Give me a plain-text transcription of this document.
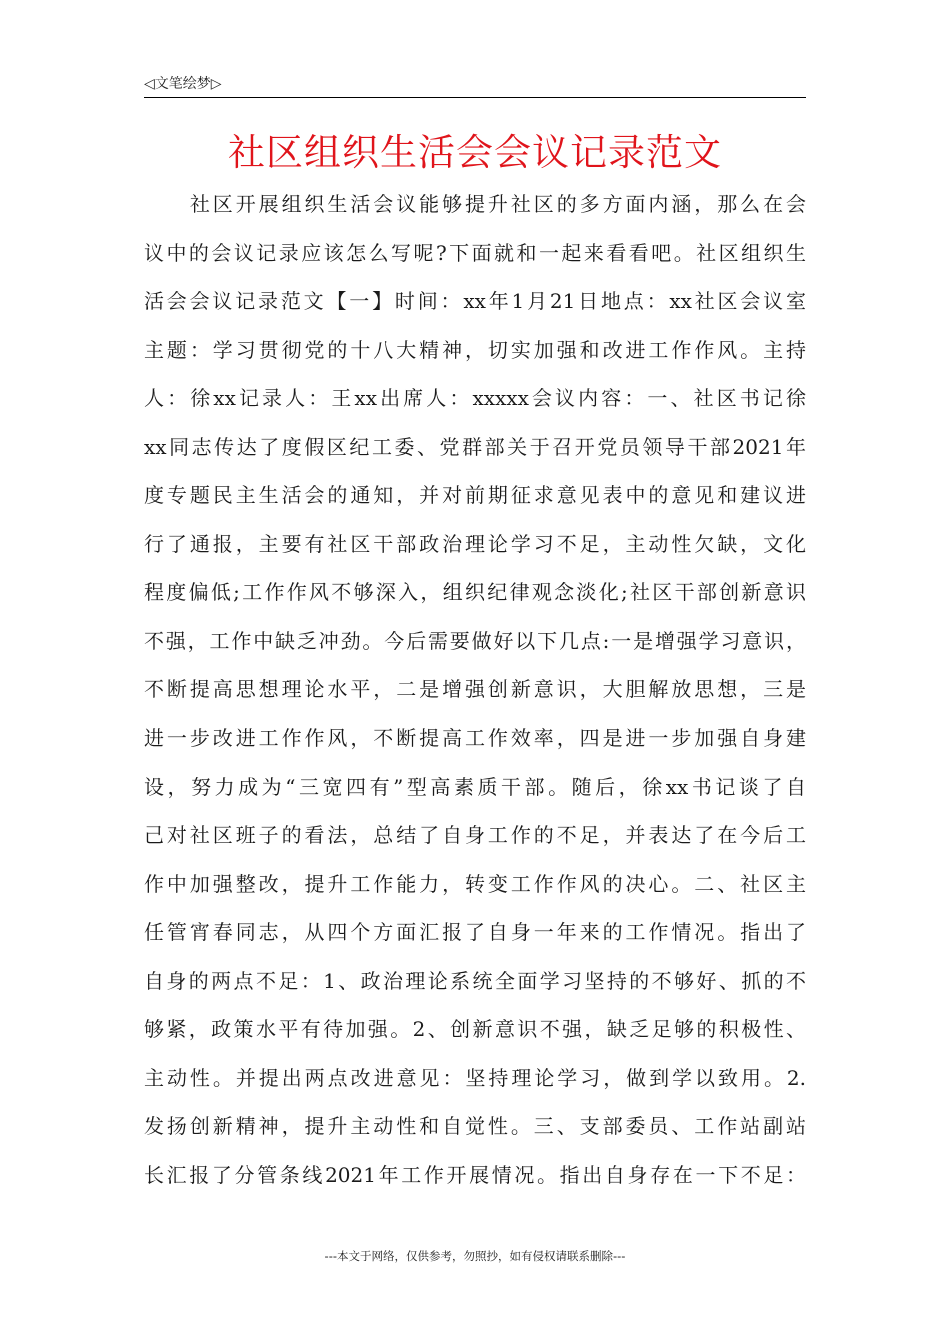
◁文笔绘梦▷
社区组织生活会会议记录范文
　　社区开展组织生活会议能够提升社区的多方面内涵，那么在会
议中的会议记录应该怎么写呢?下面就和一起来看看吧。社区组织生
活会会议记录范文【一】时间：xx年1月21日地点：xx社区会议室
主题：学习贯彻党的十八大精神，切实加强和改进工作作风。主持
人：徐xx记录人：王xx出席人：xxxxx会议内容：一、社区书记徐
xx同志传达了度假区纪工委、党群部关于召开党员领导干部2021年
度专题民主生活会的通知，并对前期征求意见表中的意见和建议进
行了通报，主要有社区干部政治理论学习不足，主动性欠缺，文化
程度偏低;工作作风不够深入，组织纪律观念淡化;社区干部创新意识
不强，工作中缺乏冲劲。今后需要做好以下几点:一是增强学习意识，
不断提高思想理论水平，二是增强创新意识，大胆解放思想，三是
进一步改进工作作风，不断提高工作效率，四是进一步加强自身建
设，努力成为“三宽四有”型高素质干部。随后，徐xx书记谈了自
己对社区班子的看法，总结了自身工作的不足，并表达了在今后工
作中加强整改，提升工作能力，转变工作作风的决心。二、社区主
任管宵春同志，从四个方面汇报了自身一年来的工作情况。指出了
自身的两点不足：1、政治理论系统全面学习坚持的不够好、抓的不
够紧，政策水平有待加强。2、创新意识不强，缺乏足够的积极性、
主动性。并提出两点改进意见：坚持理论学习，做到学以致用。2.
发扬创新精神，提升主动性和自觉性。三、支部委员、工作站副站
长汇报了分管条线2021年工作开展情况。指出自身存在一下不足：
---本文于网络，仅供参考，勿照抄，如有侵权请联系删除---
